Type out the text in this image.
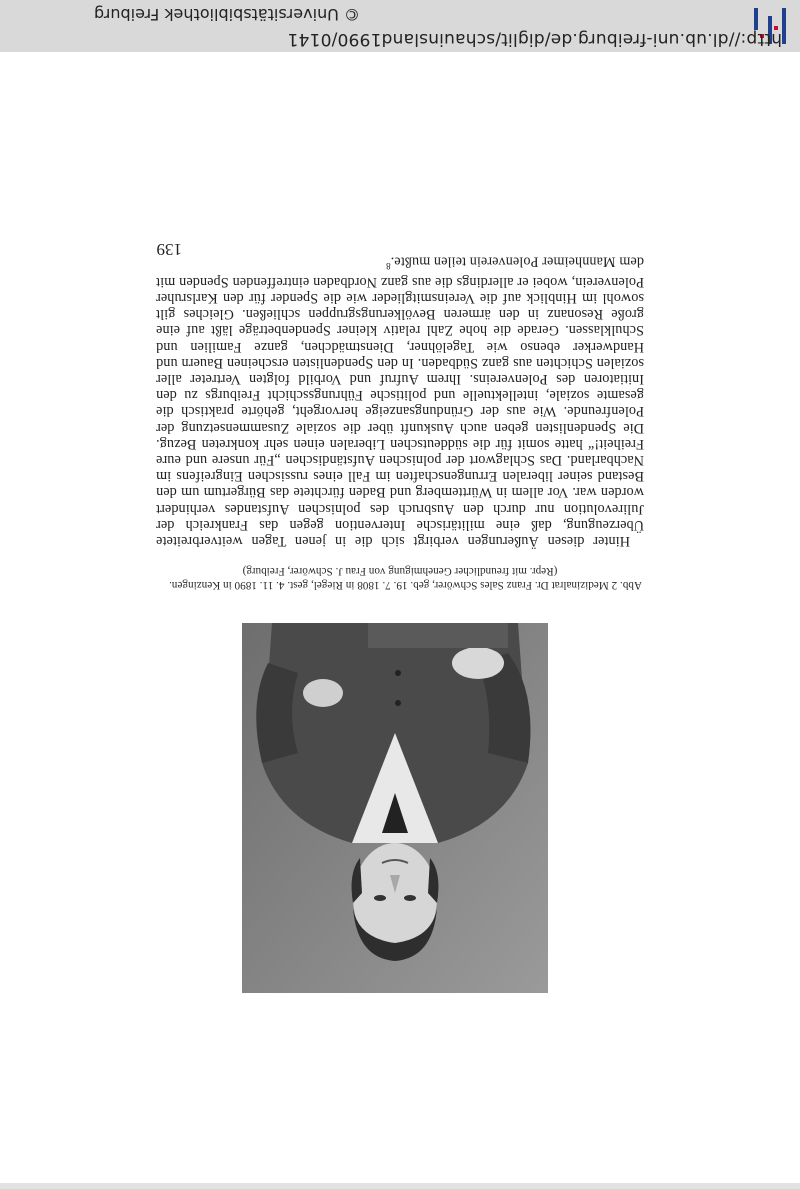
Abb. 2 Medizinalrat Dr. Franz Sales Schwörer, geb. 19. 7. 1808 in Riegel, gest. 4. 11. 1890 in Kenzingen.
(Repr. mit freundlicher Genehmigung von Frau J. Schwörer, Freiburg)

Hinter diesen Äußerungen verbirgt sich die in jenen Tagen weitverbreitete Überzeugung, daß eine militärische Intervention gegen das Frankreich der Julirevolution nur durch den Ausbruch des polnischen Aufstandes verhindert worden war. Vor allem in Württemberg und Baden fürchtete das Bürgertum um den Bestand seiner liberalen Errungenschaften im Fall eines russischen Eingreifens im Nachbarland. Das Schlagwort der polnischen Aufständischen „Für unsere und eure Freiheit!“ hatte somit für die süddeutschen Liberalen einen sehr konkreten Bezug. Die Spendenlisten geben auch Auskunft über die soziale Zusammensetzung der Polenfreunde. Wie aus der Gründungsanzeige hervorgeht, gehörte praktisch die gesamte soziale, intellektuelle und politische Führungsschicht Freiburgs zu den Initiatoren des Polenvereins. Ihrem Aufruf und Vorbild folgten Vertreter aller sozialen Schichten aus ganz Südbaden. In den Spendenlisten erscheinen Bauern und Handwerker ebenso wie Tagelöhner, Dienstmädchen, ganze Familien und Schulklassen. Gerade die hohe Zahl relativ kleiner Spendenbeträge läßt auf eine große Resonanz in den ärmeren Bevölkerungsgruppen schließen. Gleiches gilt sowohl im Hinblick auf die Vereinsmitglieder wie die Spender für den Karlsruher Polenverein, wobei er allerdings die aus ganz Nordbaden eintreffenden Spenden mit dem Mannheimer Polenverein teilen mußte.$^8$

139
http://dl.ub.uni-freiburg.de/diglit/schauinsland1990/0141
© Universitätsbibliothek Freiburg
